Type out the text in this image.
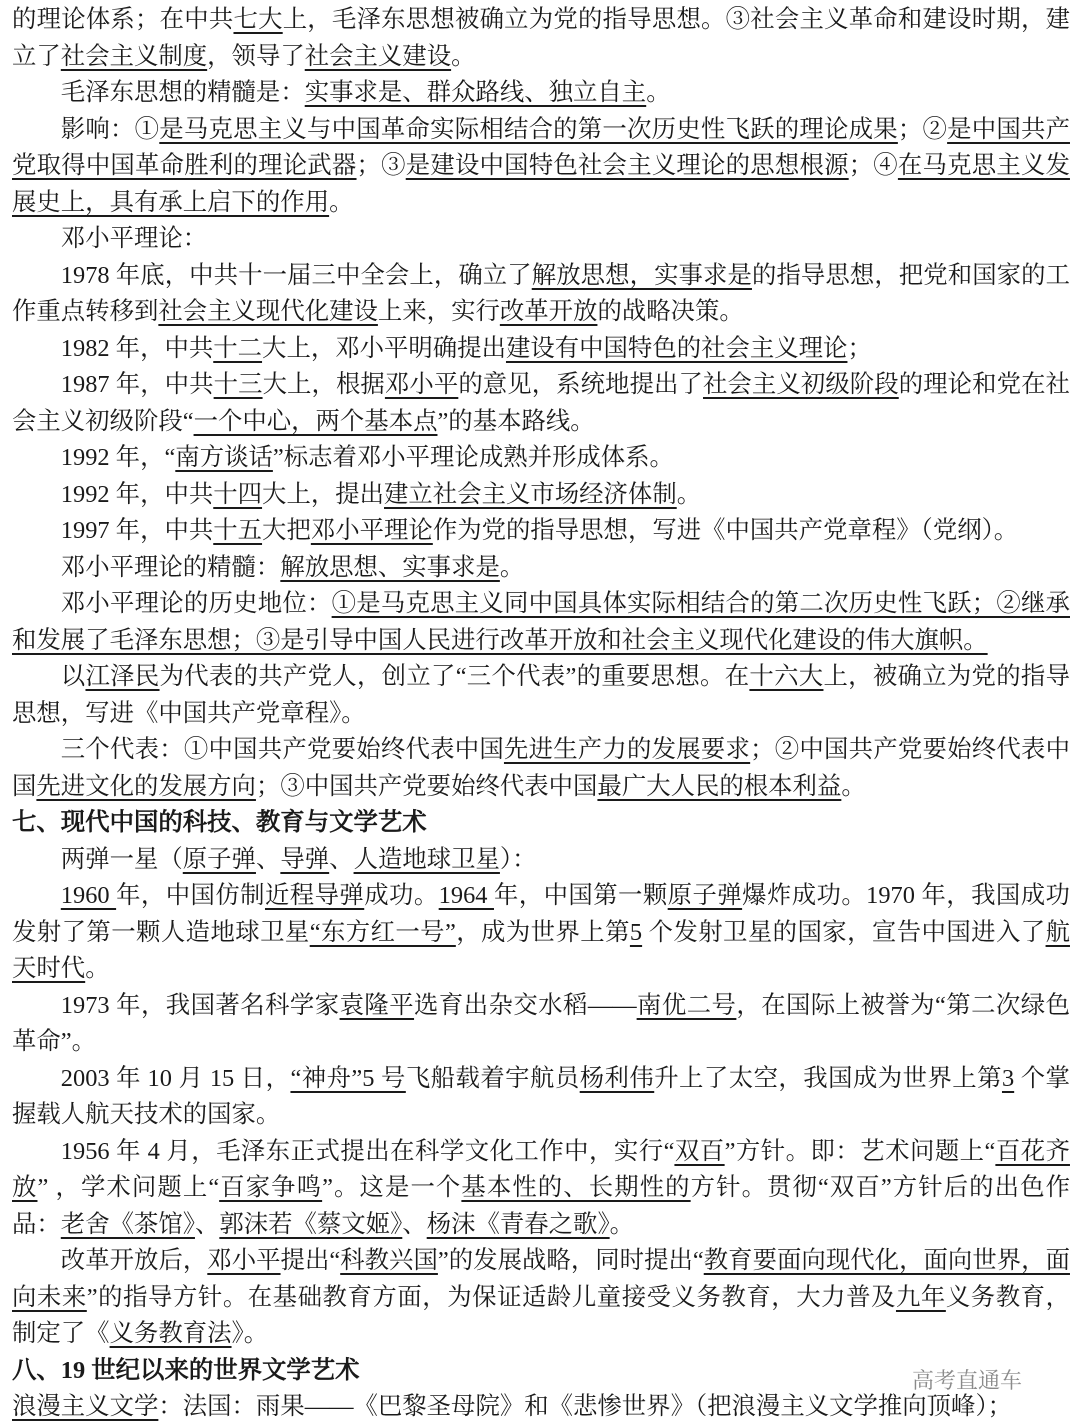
的理论体系；在中共七大上，毛泽东思想被确立为党的指导思想。③社会主义革命和建设时期，建立了社会主义制度，领导了社会主义建设。

毛泽东思想的精髓是：实事求是、群众路线、独立自主。

影响：①是马克思主义与中国革命实际相结合的第一次历史性飞跃的理论成果；②是中国共产党取得中国革命胜利的理论武器；③是建设中国特色社会主义理论的思想根源；④在马克思主义发展史上，具有承上启下的作用。

邓小平理论：

1978 年底，中共十一届三中全会上，确立了解放思想，实事求是的指导思想，把党和国家的工作重点转移到社会主义现代化建设上来，实行改革开放的战略决策。

1982 年，中共十二大上，邓小平明确提出建设有中国特色的社会主义理论；

1987 年，中共十三大上，根据邓小平的意见，系统地提出了社会主义初级阶段的理论和党在社会主义初级阶段“一个中心，两个基本点”的基本路线。

1992 年，“南方谈话”标志着邓小平理论成熟并形成体系。

1992 年，中共十四大上，提出建立社会主义市场经济体制。

1997 年，中共十五大把邓小平理论作为党的指导思想，写进《中国共产党章程》（党纲）。

邓小平理论的精髓：解放思想、实事求是。

邓小平理论的历史地位：①是马克思主义同中国具体实际相结合的第二次历史性飞跃；②继承和发展了毛泽东思想；③是引导中国人民进行改革开放和社会主义现代化建设的伟大旗帜。

以江泽民为代表的共产党人，创立了“三个代表”的重要思想。在十六大上，被确立为党的指导思想，写进《中国共产党章程》。

三个代表：①中国共产党要始终代表中国先进生产力的发展要求；②中国共产党要始终代表中国先进文化的发展方向；③中国共产党要始终代表中国最广大人民的根本利益。

七、现代中国的科技、教育与文学艺术

两弹一星（原子弹、导弹、人造地球卫星）：

1960 年，中国仿制近程导弹成功。1964 年，中国第一颗原子弹爆炸成功。1970 年，我国成功发射了第一颗人造地球卫星“东方红一号”，成为世界上第5 个发射卫星的国家，宣告中国进入了航天时代。

1973 年，我国著名科学家袁隆平选育出杂交水稻——南优二号，在国际上被誉为“第二次绿色革命”。

2003 年 10 月 15 日，“神舟”5 号飞船载着宇航员杨利伟升上了太空，我国成为世界上第3 个掌握载人航天技术的国家。

1956 年 4 月，毛泽东正式提出在科学文化工作中，实行“双百”方针。即：艺术问题上“百花齐放” ，学术问题上“百家争鸣”。这是一个基本性的、长期性的方针。贯彻“双百”方针后的出色作品：老舍《茶馆》、郭沫若《蔡文姬》、杨沫《青春之歌》。

改革开放后，邓小平提出“科教兴国”的发展战略，同时提出“教育要面向现代化，面向世界，面向未来”的指导方针。在基础教育方面，为保证适龄儿童接受义务教育，大力普及九年义务教育，制定了《义务教育法》。

八、19 世纪以来的世界文学艺术

浪漫主义文学：法国：雨果——《巴黎圣母院》和《悲惨世界》（把浪漫主义文学推向顶峰）；

高考直通车
